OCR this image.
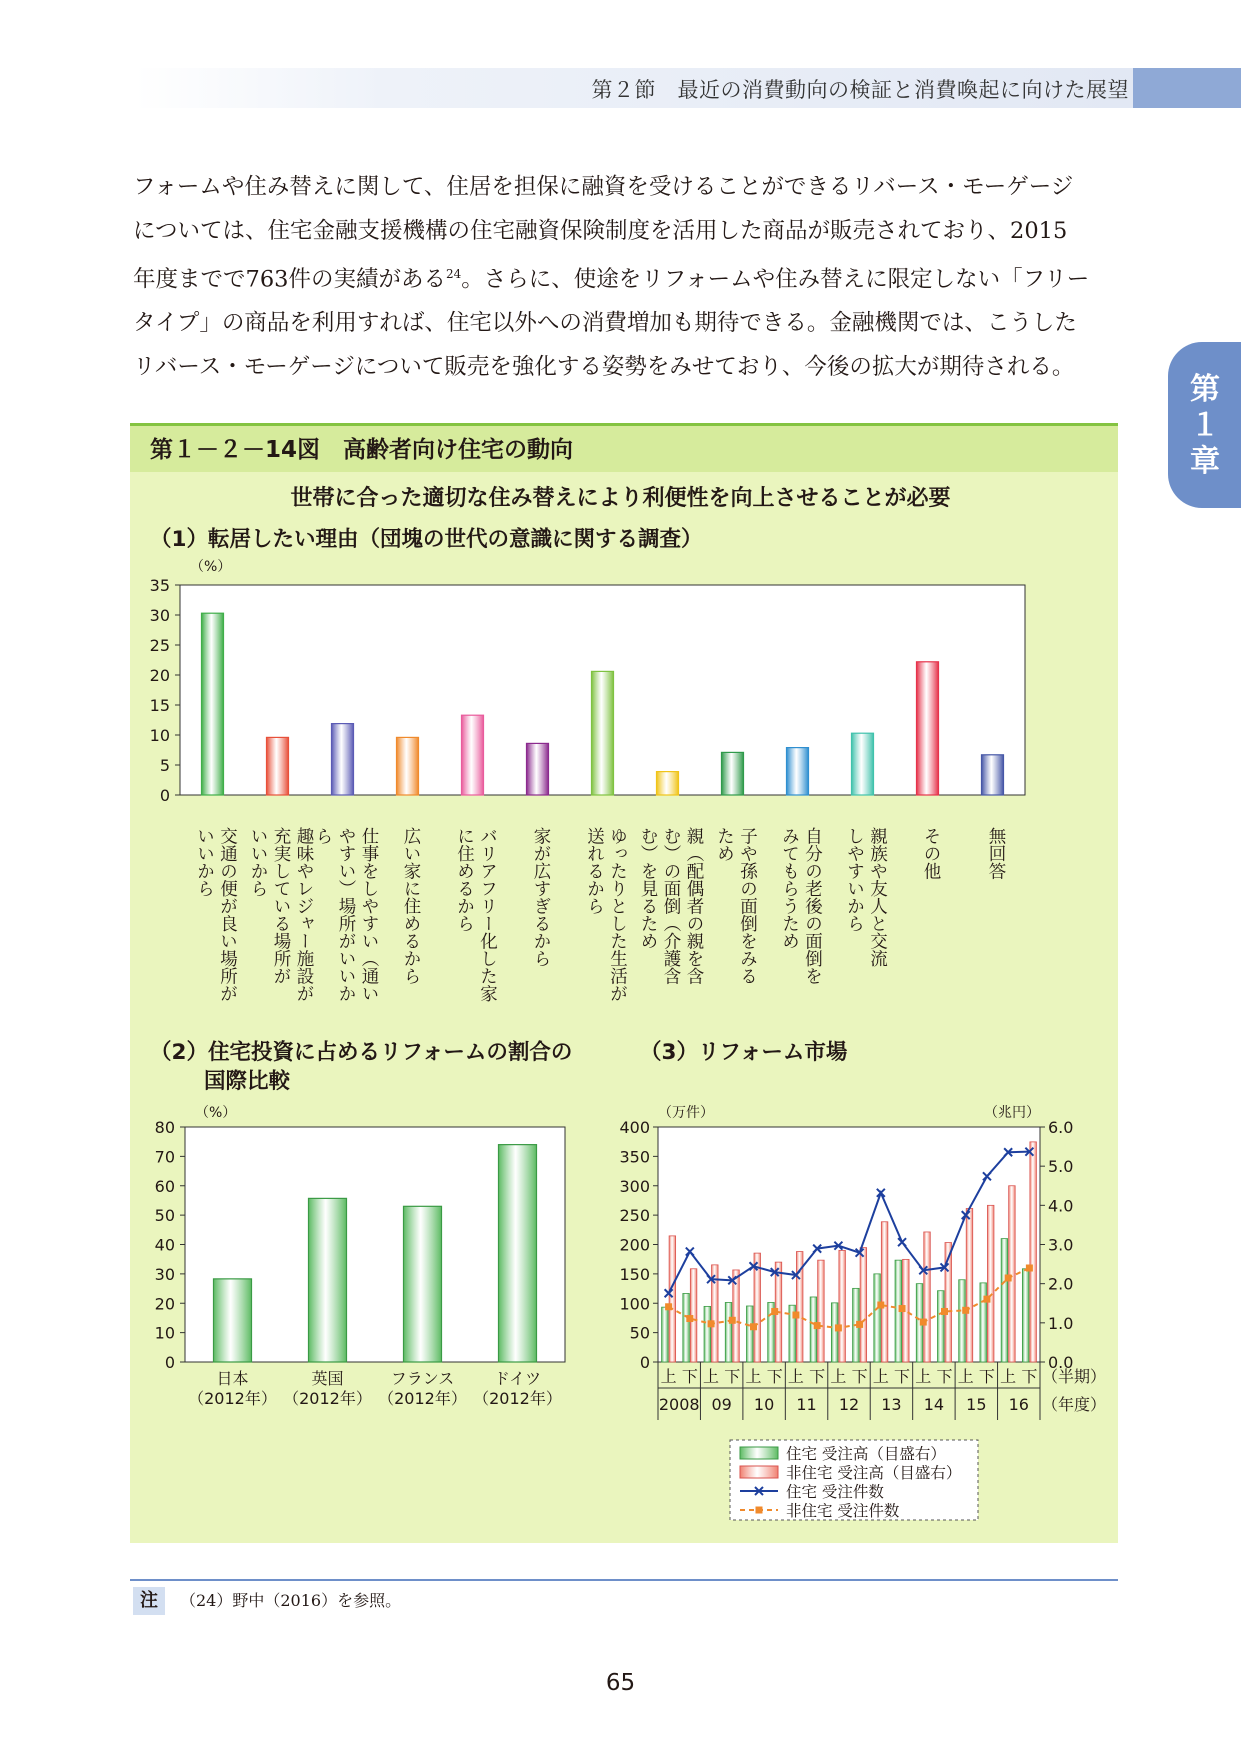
第２節　最近の消費動向の検証と消費喚起に向けた展望
第１章

フォームや住み替えに関して、住居を担保に融資を受けることができるリバース・モーゲージ

については、住宅金融支援機構の住宅融資保険制度を活用した商品が販売されており、2015

年度までで763件の実績がある$^{24}$。さらに、使途をリフォームや住み替えに限定しない「フリー

タイプ」の商品を利用すれば、住宅以外への消費増加も期待できる。金融機関では、こうした

リバース・モーゲージについて販売を強化する姿勢をみせており、今後の拡大が期待される。

第１－２－14図　高齢者向け住宅の動向
世帯に合った適切な住み替えにより利便性を向上させることが必要
（1）転居したい理由（団塊の世代の意識に関する調査）
（2）住宅投資に占めるリフォームの割合の
国際比較
（3）リフォーム市場
（%）
0
5
10
15
20
25
30
35
交通の便が良い場所が
いいから	趣味やレジャー施設が
充実している場所が
いいから	仕事をしやすい（通い
やすい）場所がいいか
ら	広い家に住めるから	バリアフリー化した家
に住めるから	家が広すぎるから	ゆったりとした生活が
送れるから	親（配偶者の親を含
む）の面倒（介護含
む）を見るため	子や孫の面倒をみる
ため	自分の老後の面倒を
みてもらうため	親族や友人と交流
しやすいから	その他	無回答
（%）
0
10
20
30
40
50
60
70
80
日本
（2012年）
英国
（2012年）
フランス
（2012年）
ドイツ
（2012年）
（万件）	（兆円）
0
50
100
150
200
250
300
350
400
0.0
1.0
2.0
3.0
4.0
5.0
6.0
上 下 上 下 上 下 上 下 上 下 上 下 上 下 上 下 上 下 （半期）
2008 09 10 11 12 13 14 15 16 （年度）
住宅 受注高（目盛右）
非住宅 受注高（目盛右）
住宅 受注件数
非住宅 受注件数
注	（24）野中（2016）を参照。
65
